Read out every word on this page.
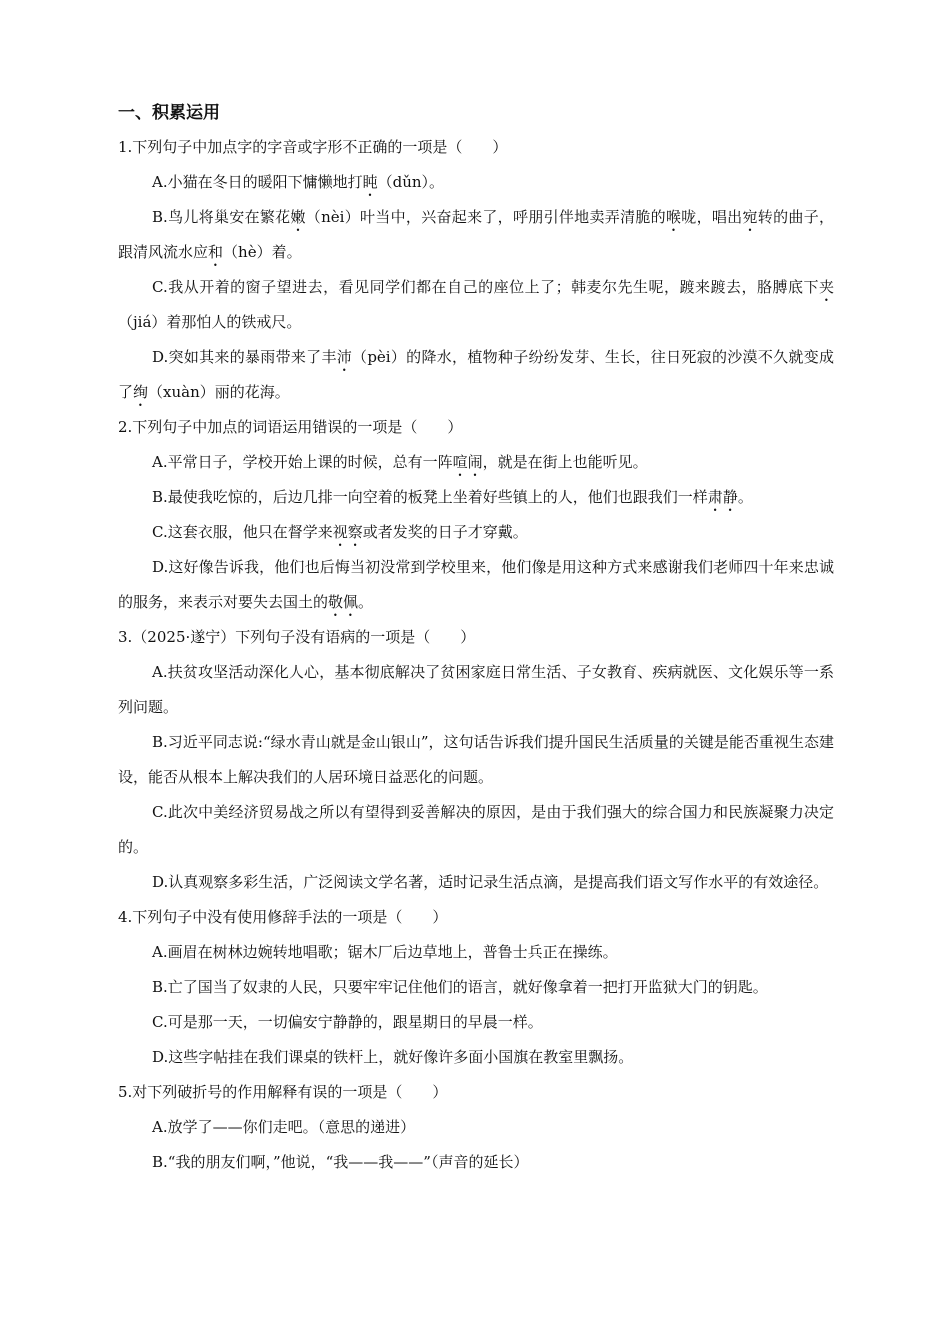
一、积累运用
1.下列句子中加点字的字音或字形不正确的一项是（　　）
A.小猫在冬日的暖阳下慵懒地打盹（dǔn）。
B.鸟儿将巢安在繁花嫩（nèi）叶当中，兴奋起来了，呼朋引伴地卖弄清脆的喉咙，唱出宛转的曲子，跟清风流水应和（hè）着。
C.我从开着的窗子望进去，看见同学们都在自己的座位上了；韩麦尔先生呢，踱来踱去，胳膊底下夹（jiá）着那怕人的铁戒尺。
D.突如其来的暴雨带来了丰沛（pèi）的降水，植物种子纷纷发芽、生长，往日死寂的沙漠不久就变成了绚（xuàn）丽的花海。
2.下列句子中加点的词语运用错误的一项是（　　）
A.平常日子，学校开始上课的时候，总有一阵喧闹，就是在街上也能听见。
B.最使我吃惊的，后边几排一向空着的板凳上坐着好些镇上的人，他们也跟我们一样肃静。
C.这套衣服，他只在督学来视察或者发奖的日子才穿戴。
D.这好像告诉我，他们也后悔当初没常到学校里来，他们像是用这种方式来感谢我们老师四十年来忠诚的服务，来表示对要失去国土的敬佩。
3.（2025·遂宁）下列句子没有语病的一项是（　　）
A.扶贫攻坚活动深化人心，基本彻底解决了贫困家庭日常生活、子女教育、疾病就医、文化娱乐等一系列问题。
B.习近平同志说:“绿水青山就是金山银山”，这句话告诉我们提升国民生活质量的关键是能否重视生态建设，能否从根本上解决我们的人居环境日益恶化的问题。
C.此次中美经济贸易战之所以有望得到妥善解决的原因，是由于我们强大的综合国力和民族凝聚力决定的。
D.认真观察多彩生活，广泛阅读文学名著，适时记录生活点滴，是提高我们语文写作水平的有效途径。
4.下列句子中没有使用修辞手法的一项是（　　）
A.画眉在树林边婉转地唱歌；锯木厂后边草地上，普鲁士兵正在操练。
B.亡了国当了奴隶的人民，只要牢牢记住他们的语言，就好像拿着一把打开监狱大门的钥匙。
C.可是那一天，一切偏安宁静静的，跟星期日的早晨一样。
D.这些字帖挂在我们课桌的铁杆上，就好像许多面小国旗在教室里飘扬。
5.对下列破折号的作用解释有误的一项是（　　）
A.放学了——你们走吧。（意思的递进）
B.“我的朋友们啊，”他说，“我——我——”（声音的延长）
